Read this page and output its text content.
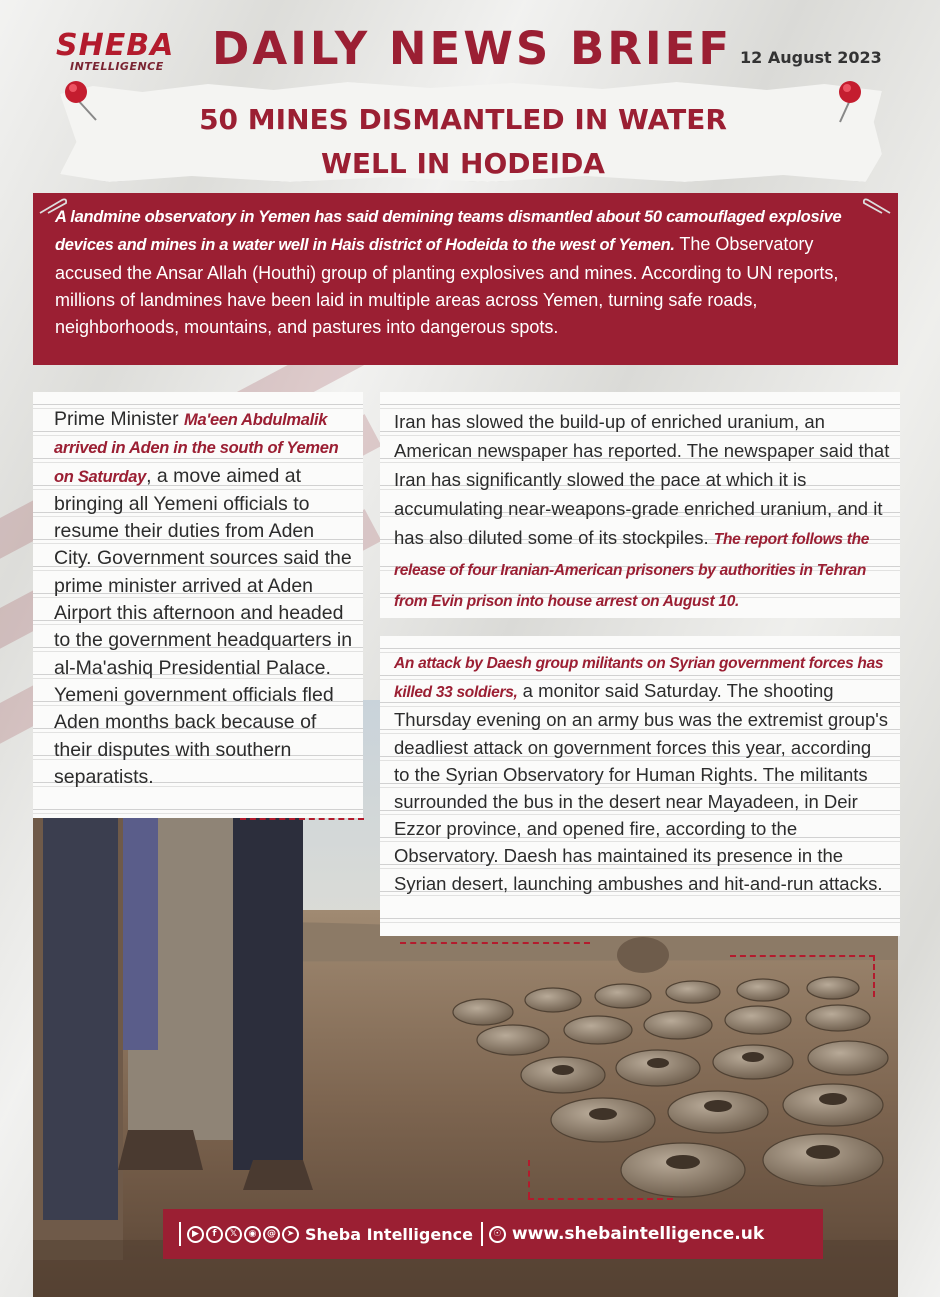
SHEBA
INTELLIGENCE DAILY NEWS BRIEF 12 August 2023
50 MINES DISMANTLED IN WATER
WELL IN HODEIDA
A landmine observatory in Yemen has said demining teams dismantled about 50 camouflaged explosive devices and mines in a water well in Hais district of Hodeida to the west of Yemen. The Observatory accused the Ansar Allah (Houthi) group of planting explosives and mines. According to UN reports, millions of landmines have been laid in multiple areas across Yemen, turning safe roads, neighborhoods, mountains, and pastures into dangerous spots.
Prime Minister Ma'een Abdulmalik arrived in Aden in the south of Yemen on Saturday, a move aimed at bringing all Yemeni officials to resume their duties from Aden City. Government sources said the prime minister arrived at Aden Airport this afternoon and headed to the government headquarters in al-Ma'ashiq Presidential Palace. Yemeni government officials fled Aden months back because of their disputes with southern separatists.
Iran has slowed the build-up of enriched uranium, an American newspaper has reported. The newspaper said that Iran has significantly slowed the pace at which it is accumulating near-weapons-grade enriched uranium, and it has also diluted some of its stockpiles. The report follows the release of four Iranian-American prisoners by authorities in Tehran from Evin prison into house arrest on August 10.
An attack by Daesh group militants on Syrian government forces has killed 33 soldiers, a monitor said Saturday. The shooting Thursday evening on an army bus was the extremist group's deadliest attack on government forces this year, according to the Syrian Observatory for Human Rights. The militants surrounded the bus in the desert near Mayadeen, in Deir Ezzor province, and opened fire, according to the Observatory. Daesh has maintained its presence in the Syrian desert, launching ambushes and hit-and-run attacks.
▶	f	𝕏	◉	@	➤ Sheba Intelligence	☉ www.shebaintelligence.uk
